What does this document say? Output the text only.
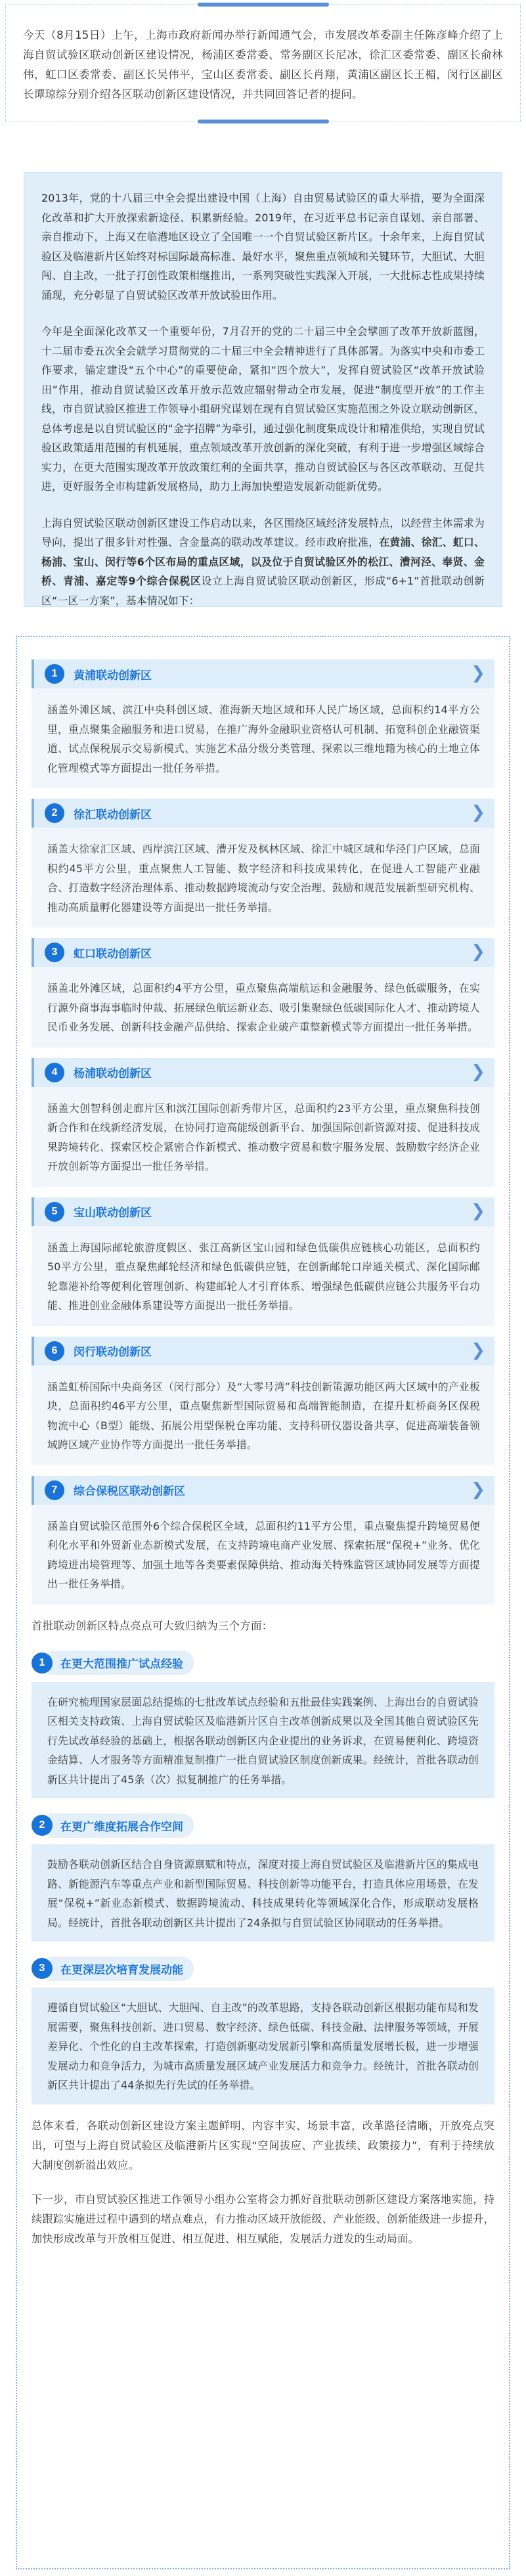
今天（8月15日）上午，上海市政府新闻办举行新闻通气会，市发展改革委副主任陈彦峰介绍了上海自贸试验区联动创新区建设情况，杨浦区委常委、常务副区长尼冰，徐汇区委常委、副区长俞林伟，虹口区委常委、副区长吴伟平，宝山区委常委、副区长肖翔，黄浦区副区长王楣，闵行区副区长谭琼综分别介绍各区联动创新区建设情况，并共同回答记者的提问。

2013年，党的十八届三中全会提出建设中国（上海）自由贸易试验区的重大举措，要为全面深化改革和扩大开放探索新途径、积累新经验。2019年，在习近平总书记亲自谋划、亲自部署、亲自推动下，上海又在临港地区设立了全国唯一一个自贸试验区新片区。十余年来，上海自贸试验区及临港新片区始终对标国际最高标准、最好水平，聚焦重点领域和关键环节，大胆试、大胆闯、自主改，一批子打创性政策相继推出，一系列突破性实践深入开展，一大批标志性成果持续涌现，充分彰显了自贸试验区改革开放试验田作用。

今年是全面深化改革又一个重要年份，7月召开的党的二十届三中全会擘画了改革开放新蓝图，十二届市委五次全会就学习贯彻党的二十届三中全会精神进行了具体部署。为落实中央和市委工作要求，锚定建设“五个中心”的重要使命，紧扣“四个放大”，发挥自贸试验区“改革开放试验田”作用，推动自贸试验区改革开放示范效应辐射带动全市发展，促进“制度型开放”的工作主线，市自贸试验区推进工作领导小组研究谋划在现有自贸试验区实施范围之外设立联动创新区，总体考虑是以自贸试验区的“金字招牌”为牵引，通过强化制度集成设计和精准供给，实现自贸试验区政策适用范围的有机延展，重点领域改革开放创新的深化突破，有利于进一步增强区域综合实力，在更大范围实现改革开放政策红利的全面共享，推动自贸试验区与各区改革联动、互促共进，更好服务全市构建新发展格局，助力上海加快塑造发展新动能新优势。

上海自贸试验区联动创新区建设工作启动以来，各区围绕区域经济发展特点，以经营主体需求为导向，提出了很多针对性强、含金量高的联动改革建议。经市政府批准，在黄浦、徐汇、虹口、杨浦、宝山、闵行等6个区布局的重点区域，以及位于自贸试验区外的松江、漕河泾、奉贤、金桥、青浦、嘉定等9个综合保税区设立上海自贸试验区联动创新区，形成“6+1”首批联动创新区“一区一方案”，基本情况如下：

1	黄浦联动创新区	❯

涵盖外滩区域、滨江中央科创区域、淮海新天地区域和环人民广场区域，总面积约14平方公里，重点聚集金融服务和进口贸易，在推广海外金融职业资格认可机制、拓宽科创企业融资渠道、试点保税展示交易新模式、实施艺术品分级分类管理、探索以三维地籍为核心的土地立体化管理模式等方面提出一批任务举措。

2	徐汇联动创新区	❯

涵盖大徐家汇区域、西岸滨江区域、漕开发及枫林区域、徐汇中城区域和华泾门户区域，总面积约45平方公里，重点聚焦人工智能、数字经济和科技成果转化，在促进人工智能产业融合、打造数字经济治理体系、推动数据跨境流动与安全治理、鼓励和规范发展新型研究机构、推动高质量孵化器建设等方面提出一批任务举措。

3	虹口联动创新区	❯

涵盖北外滩区域，总面积约4平方公里，重点聚焦高端航运和金融服务、绿色低碳服务，在实行源外商事海事临时仲裁、拓展绿色航运新业态、吸引集聚绿色低碳国际化人才、推动跨境人民币业务发展、创新科技金融产品供给、探索企业破产重整新模式等方面提出一批任务举措。

4	杨浦联动创新区	❯

涵盖大创智科创走廊片区和滨江国际创新秀带片区，总面积约23平方公里，重点聚焦科技创新合作和在线新经济发展，在协同打造高能级创新平台、加强国际创新资源对接、促进科技成果跨境转化、探索区校企紧密合作新模式、推动数字贸易和数字服务发展、鼓励数字经济企业开放创新等方面提出一批任务举措。

5	宝山联动创新区	❯

涵盖上海国际邮轮旅游度假区、张江高新区宝山园和绿色低碳供应链核心功能区，总面积约50平方公里，重点聚焦邮轮经济和绿色低碳供应链，在创新邮轮口岸通关模式、深化国际邮轮靠港补给等便利化管理创新、构建邮轮人才引育体系、增强绿色低碳供应链公共服务平台功能、推进创业金融体系建设等方面提出一批任务举措。

6	闵行联动创新区	❯

涵盖虹桥国际中央商务区（闵行部分）及“大零号湾”科技创新策源功能区两大区域中的产业板块，总面积约46平方公里，重点聚焦新型国际贸易和高端智能制造，在提升虹桥商务区保税物流中心（B型）能级、拓展公用型保税仓库功能、支持科研仪器设备共享、促进高端装备领域跨区域产业协作等方面提出一批任务举措。

7	综合保税区联动创新区	❯

涵盖自贸试验区范围外6个综合保税区全域，总面积约11平方公里，重点聚焦提升跨境贸易便利化水平和外贸新业态新模式发展，在支持跨境电商产业发展、探索拓展“保税+”业务、优化跨境进出境管理等、加强土地等各类要素保障供给、推动海关特殊监管区域协同发展等方面提出一批任务举措。

首批联动创新区特点亮点可大致归纳为三个方面：

1	在更大范围推广试点经验

在研究梳理国家层面总结提炼的七批改革试点经验和五批最佳实践案例、上海出台的自贸试验区相关支持政策、上海自贸试验区及临港新片区自主改革创新成果以及全国其他自贸试验区先行先试改革经验的基础上，根据各联动创新区内企业提出的业务诉求，在贸易便利化、跨境资金结算、人才服务等方面精准复制推广一批自贸试验区制度创新成果。经统计，首批各联动创新区共计提出了45条（次）拟复制推广的任务举措。

2	在更广维度拓展合作空间

鼓励各联动创新区结合自身资源禀赋和特点，深度对接上海自贸试验区及临港新片区的集成电路、新能源汽车等重点产业和新型国际贸易、科技创新等功能平台，打造具体应用场景，在发展“保税+”新业态新模式、数据跨境流动、科技成果转化等领域深化合作，形成联动发展格局。经统计，首批各联动创新区共计提出了24条拟与自贸试验区协同联动的任务举措。

3	在更深层次培育发展动能

遵循自贸试验区“大胆试、大胆闯、自主改”的改革思路，支持各联动创新区根据功能布局和发展需要，聚焦科技创新、进口贸易、数字经济、绿色低碳、科技金融、法律服务等领域，开展差异化、个性化的自主改革探索，打造创新驱动发展新引擎和高质量发展增长极，进一步增强发展动力和竞争活力，为城市高质量发展区域产业发展活力和竞争力。经统计，首批各联动创新区共计提出了44条拟先行先试的任务举措。

总体来看，各联动创新区建设方案主题鲜明、内容丰实、场景丰富，改革路径清晰，开放亮点突出，可望与上海自贸试验区及临港新片区实现“空间拔应、产业拔续、政策接力”，有利于持续放大制度创新溢出效应。

下一步，市自贸试验区推进工作领导小组办公室将会力抓好首批联动创新区建设方案落地实施，持续跟踪实施进过程中遇到的堵点难点，有力推动区域开放能级、产业能级、创新能级进一步提升，加快形成改革与开放相互促进、相互促进、相互赋能，发展活力迸发的生动局面。
